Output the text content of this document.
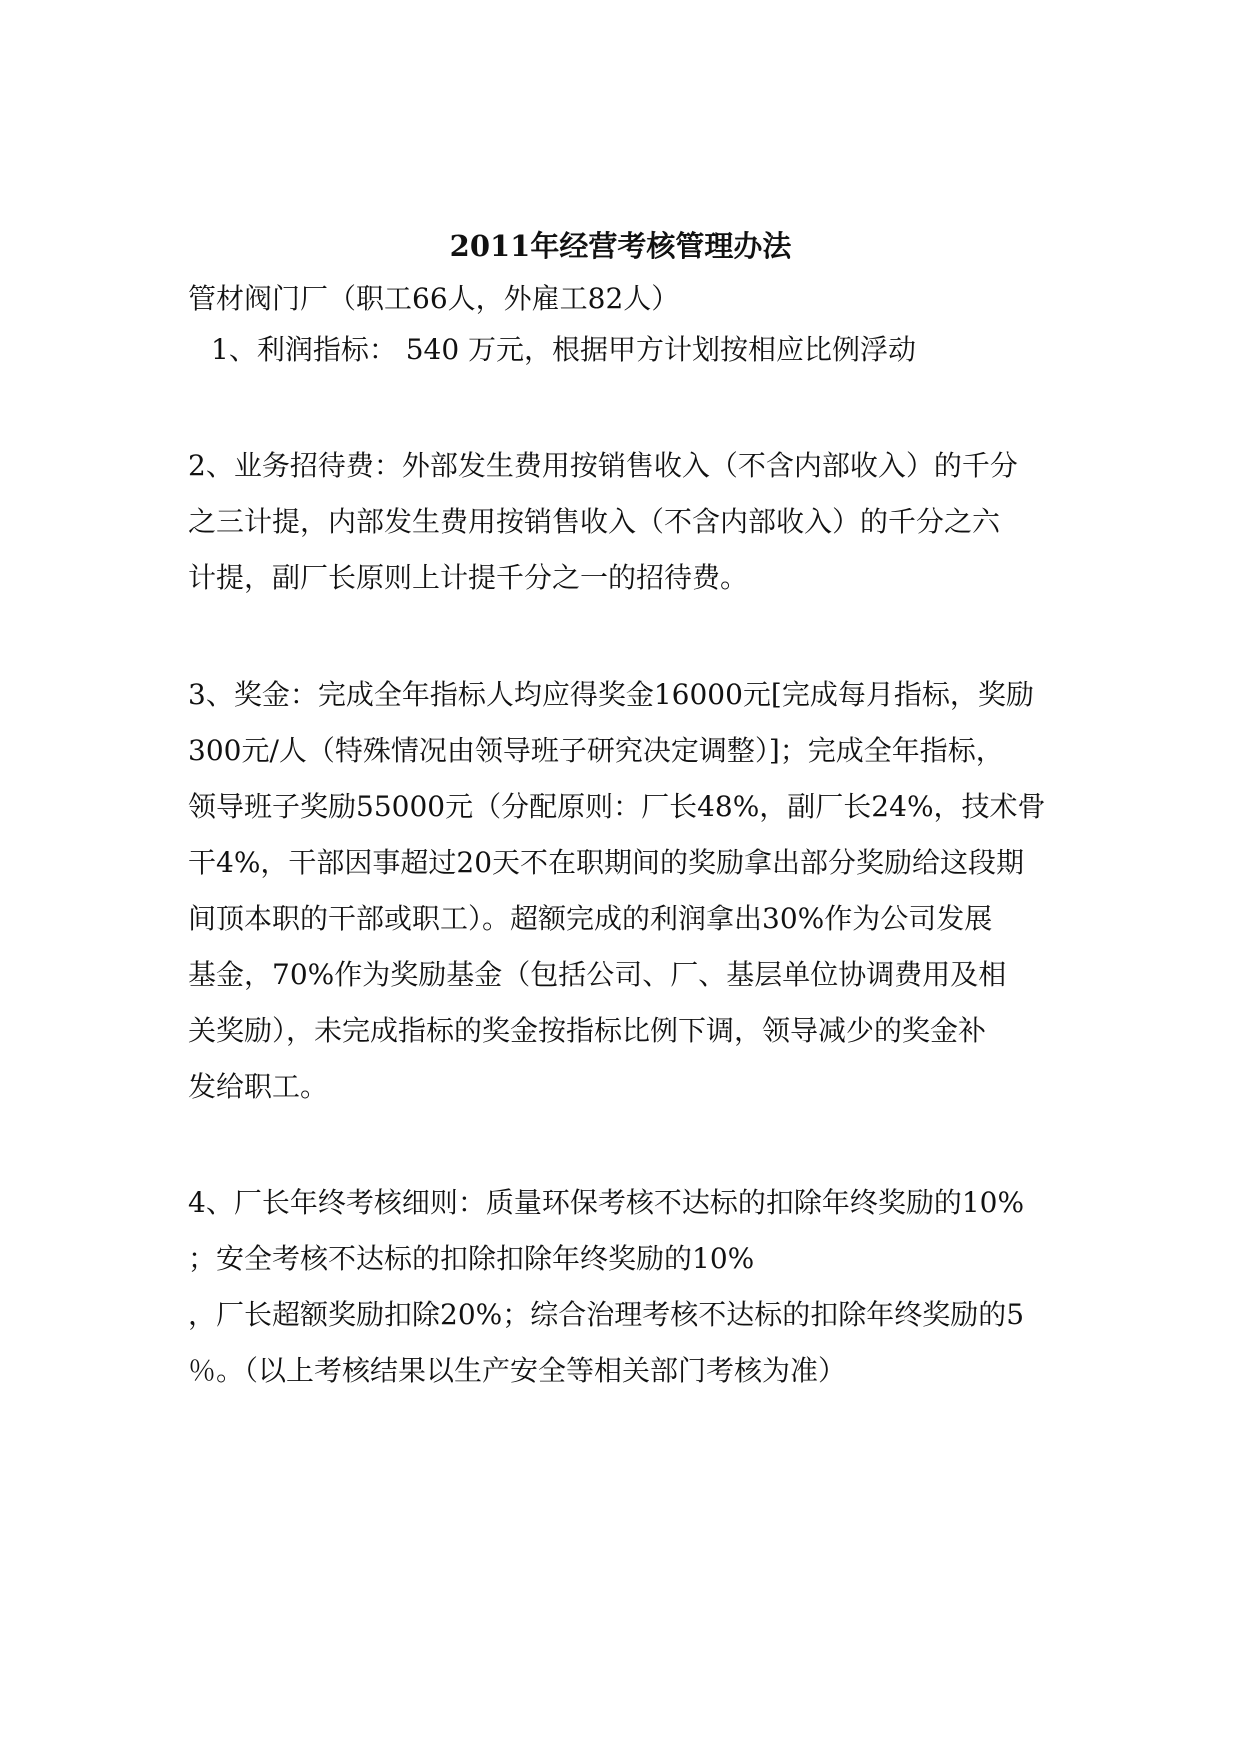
2011年经营考核管理办法
管材阀门厂（职工66人，外雇工82人）
1、利润指标： 540 万元，根据甲方计划按相应比例浮动
2、业务招待费：外部发生费用按销售收入（不含内部收入）的千分
之三计提，内部发生费用按销售收入（不含内部收入）的千分之六
计提，副厂长原则上计提千分之一的招待费。
3、奖金：完成全年指标人均应得奖金16000元[完成每月指标，奖励
300元/人（特殊情况由领导班子研究决定调整）]；完成全年指标，
领导班子奖励55000元（分配原则：厂长48%，副厂长24%，技术骨
干4%，干部因事超过20天不在职期间的奖励拿出部分奖励给这段期
间顶本职的干部或职工）。超额完成的利润拿出30%作为公司发展
基金，70%作为奖励基金（包括公司、厂、基层单位协调费用及相
关奖励），未完成指标的奖金按指标比例下调，领导减少的奖金补
发给职工。
4、厂长年终考核细则：质量环保考核不达标的扣除年终奖励的10%
；安全考核不达标的扣除扣除年终奖励的10%
，厂长超额奖励扣除20%；综合治理考核不达标的扣除年终奖励的5
％。（以上考核结果以生产安全等相关部门考核为准）
